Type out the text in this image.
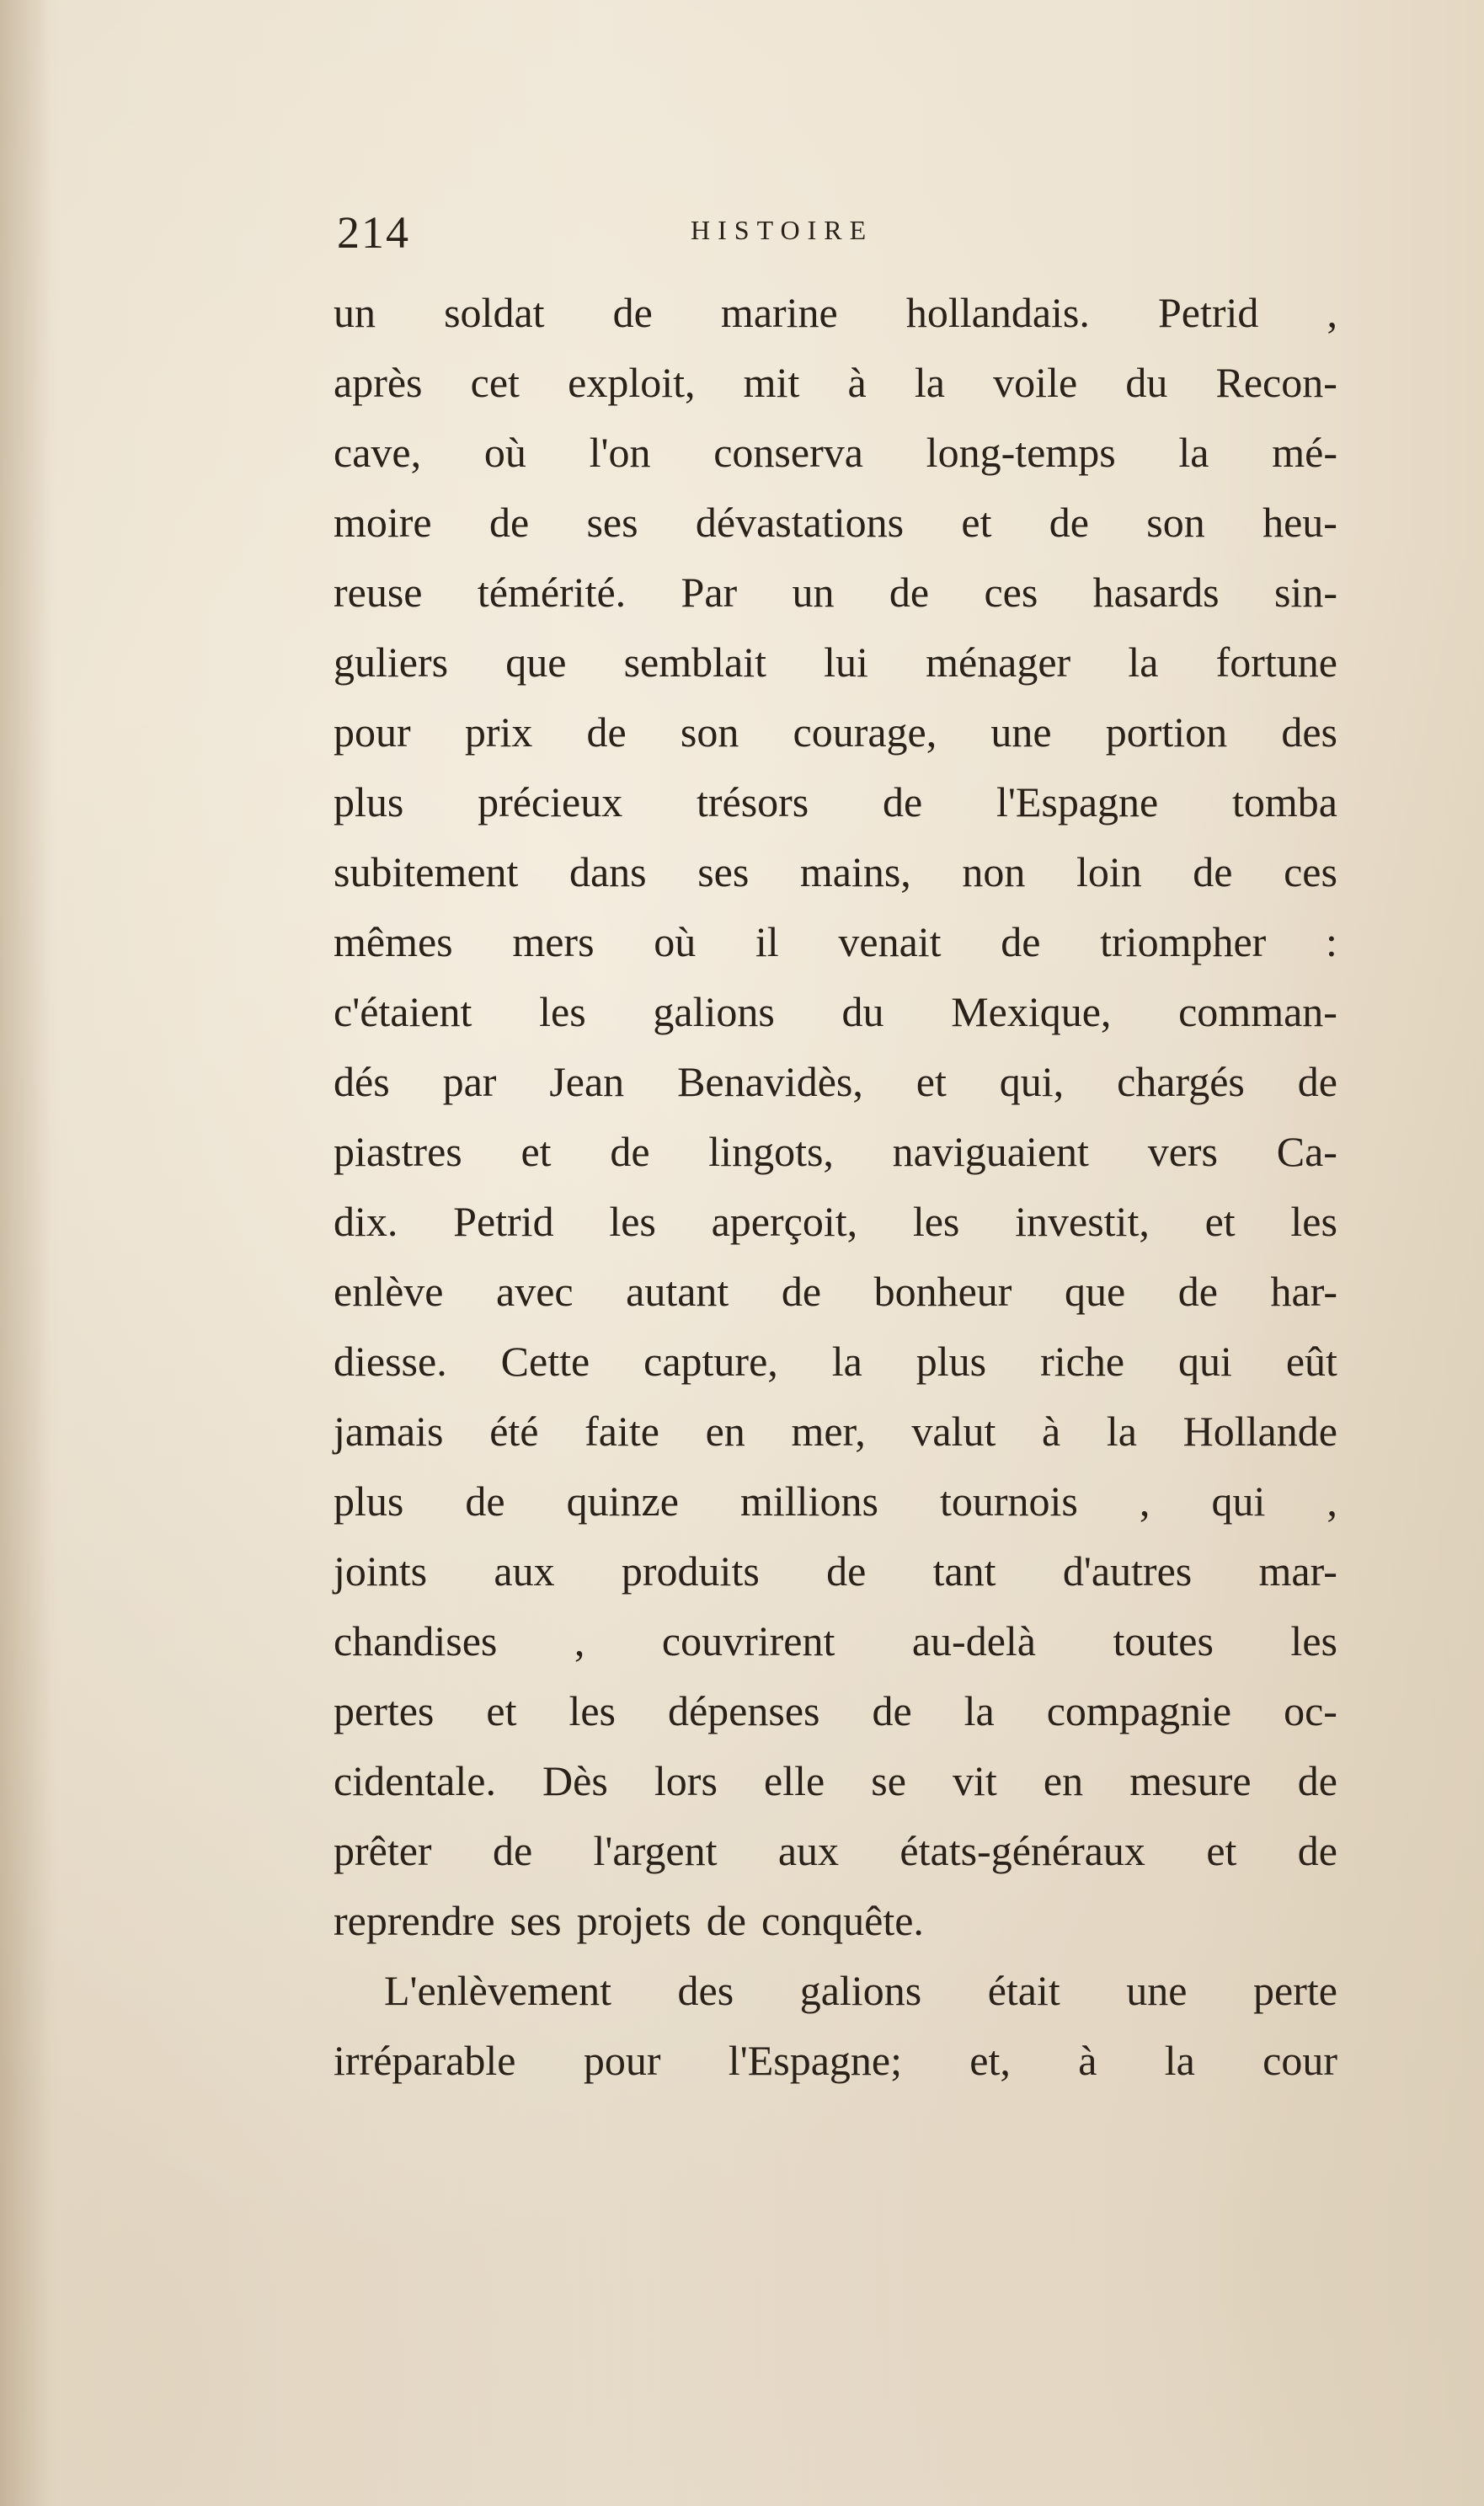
214	HISTOIRE
un soldat de marine hollandais. Petrid ,
après cet exploit, mit à la voile du Recon-
cave, où l'on conserva long-temps la mé-
moire de ses dévastations et de son heu-
reuse témérité. Par un de ces hasards sin-
guliers que semblait lui ménager la fortune
pour prix de son courage, une portion des
plus précieux trésors de l'Espagne tomba
subitement dans ses mains, non loin de ces
mêmes mers où il venait de triompher :
c'étaient les galions du Mexique, comman-
dés par Jean Benavidès, et qui, chargés de
piastres et de lingots, naviguaient vers Ca-
dix. Petrid les aperçoit, les investit, et les
enlève avec autant de bonheur que de har-
diesse. Cette capture, la plus riche qui eût
jamais été faite en mer, valut à la Hollande
plus de quinze millions tournois , qui ,
joints aux produits de tant d'autres mar-
chandises , couvrirent au-delà toutes les
pertes et les dépenses de la compagnie oc-
cidentale. Dès lors elle se vit en mesure de
prêter de l'argent aux états-généraux et de
reprendre ses projets de conquête.
L'enlèvement des galions était une perte
irréparable pour l'Espagne; et, à la cour
